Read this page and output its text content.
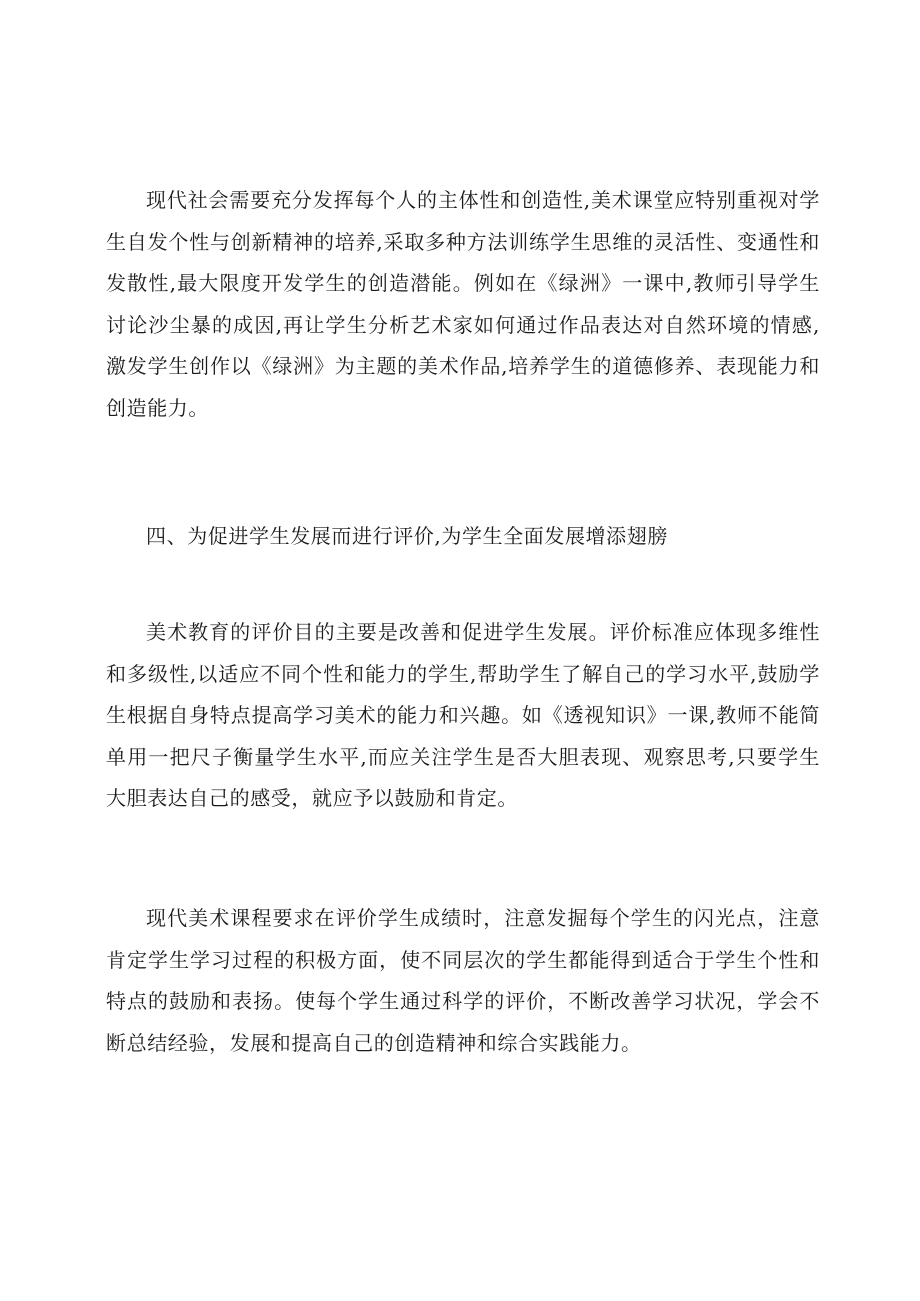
现代社会需要充分发挥每个人的主体性和创造性,美术课堂应特别重视对学生自发个性与创新精神的培养,采取多种方法训练学生思维的灵活性、变通性和发散性,最大限度开发学生的创造潜能。例如在《绿洲》一课中,教师引导学生讨论沙尘暴的成因,再让学生分析艺术家如何通过作品表达对自然环境的情感,激发学生创作以《绿洲》为主题的美术作品,培养学生的道德修养、表现能力和创造能力。

四、为促进学生发展而进行评价,为学生全面发展增添翅膀

美术教育的评价目的主要是改善和促进学生发展。评价标准应体现多维性和多级性,以适应不同个性和能力的学生,帮助学生了解自己的学习水平,鼓励学生根据自身特点提高学习美术的能力和兴趣。如《透视知识》一课,教师不能简单用一把尺子衡量学生水平,而应关注学生是否大胆表现、观察思考,只要学生大胆表达自己的感受，就应予以鼓励和肯定。

现代美术课程要求在评价学生成绩时，注意发掘每个学生的闪光点，注意肯定学生学习过程的积极方面，使不同层次的学生都能得到适合于学生个性和特点的鼓励和表扬。使每个学生通过科学的评价，不断改善学习状况，学会不断总结经验，发展和提高自己的创造精神和综合实践能力。
